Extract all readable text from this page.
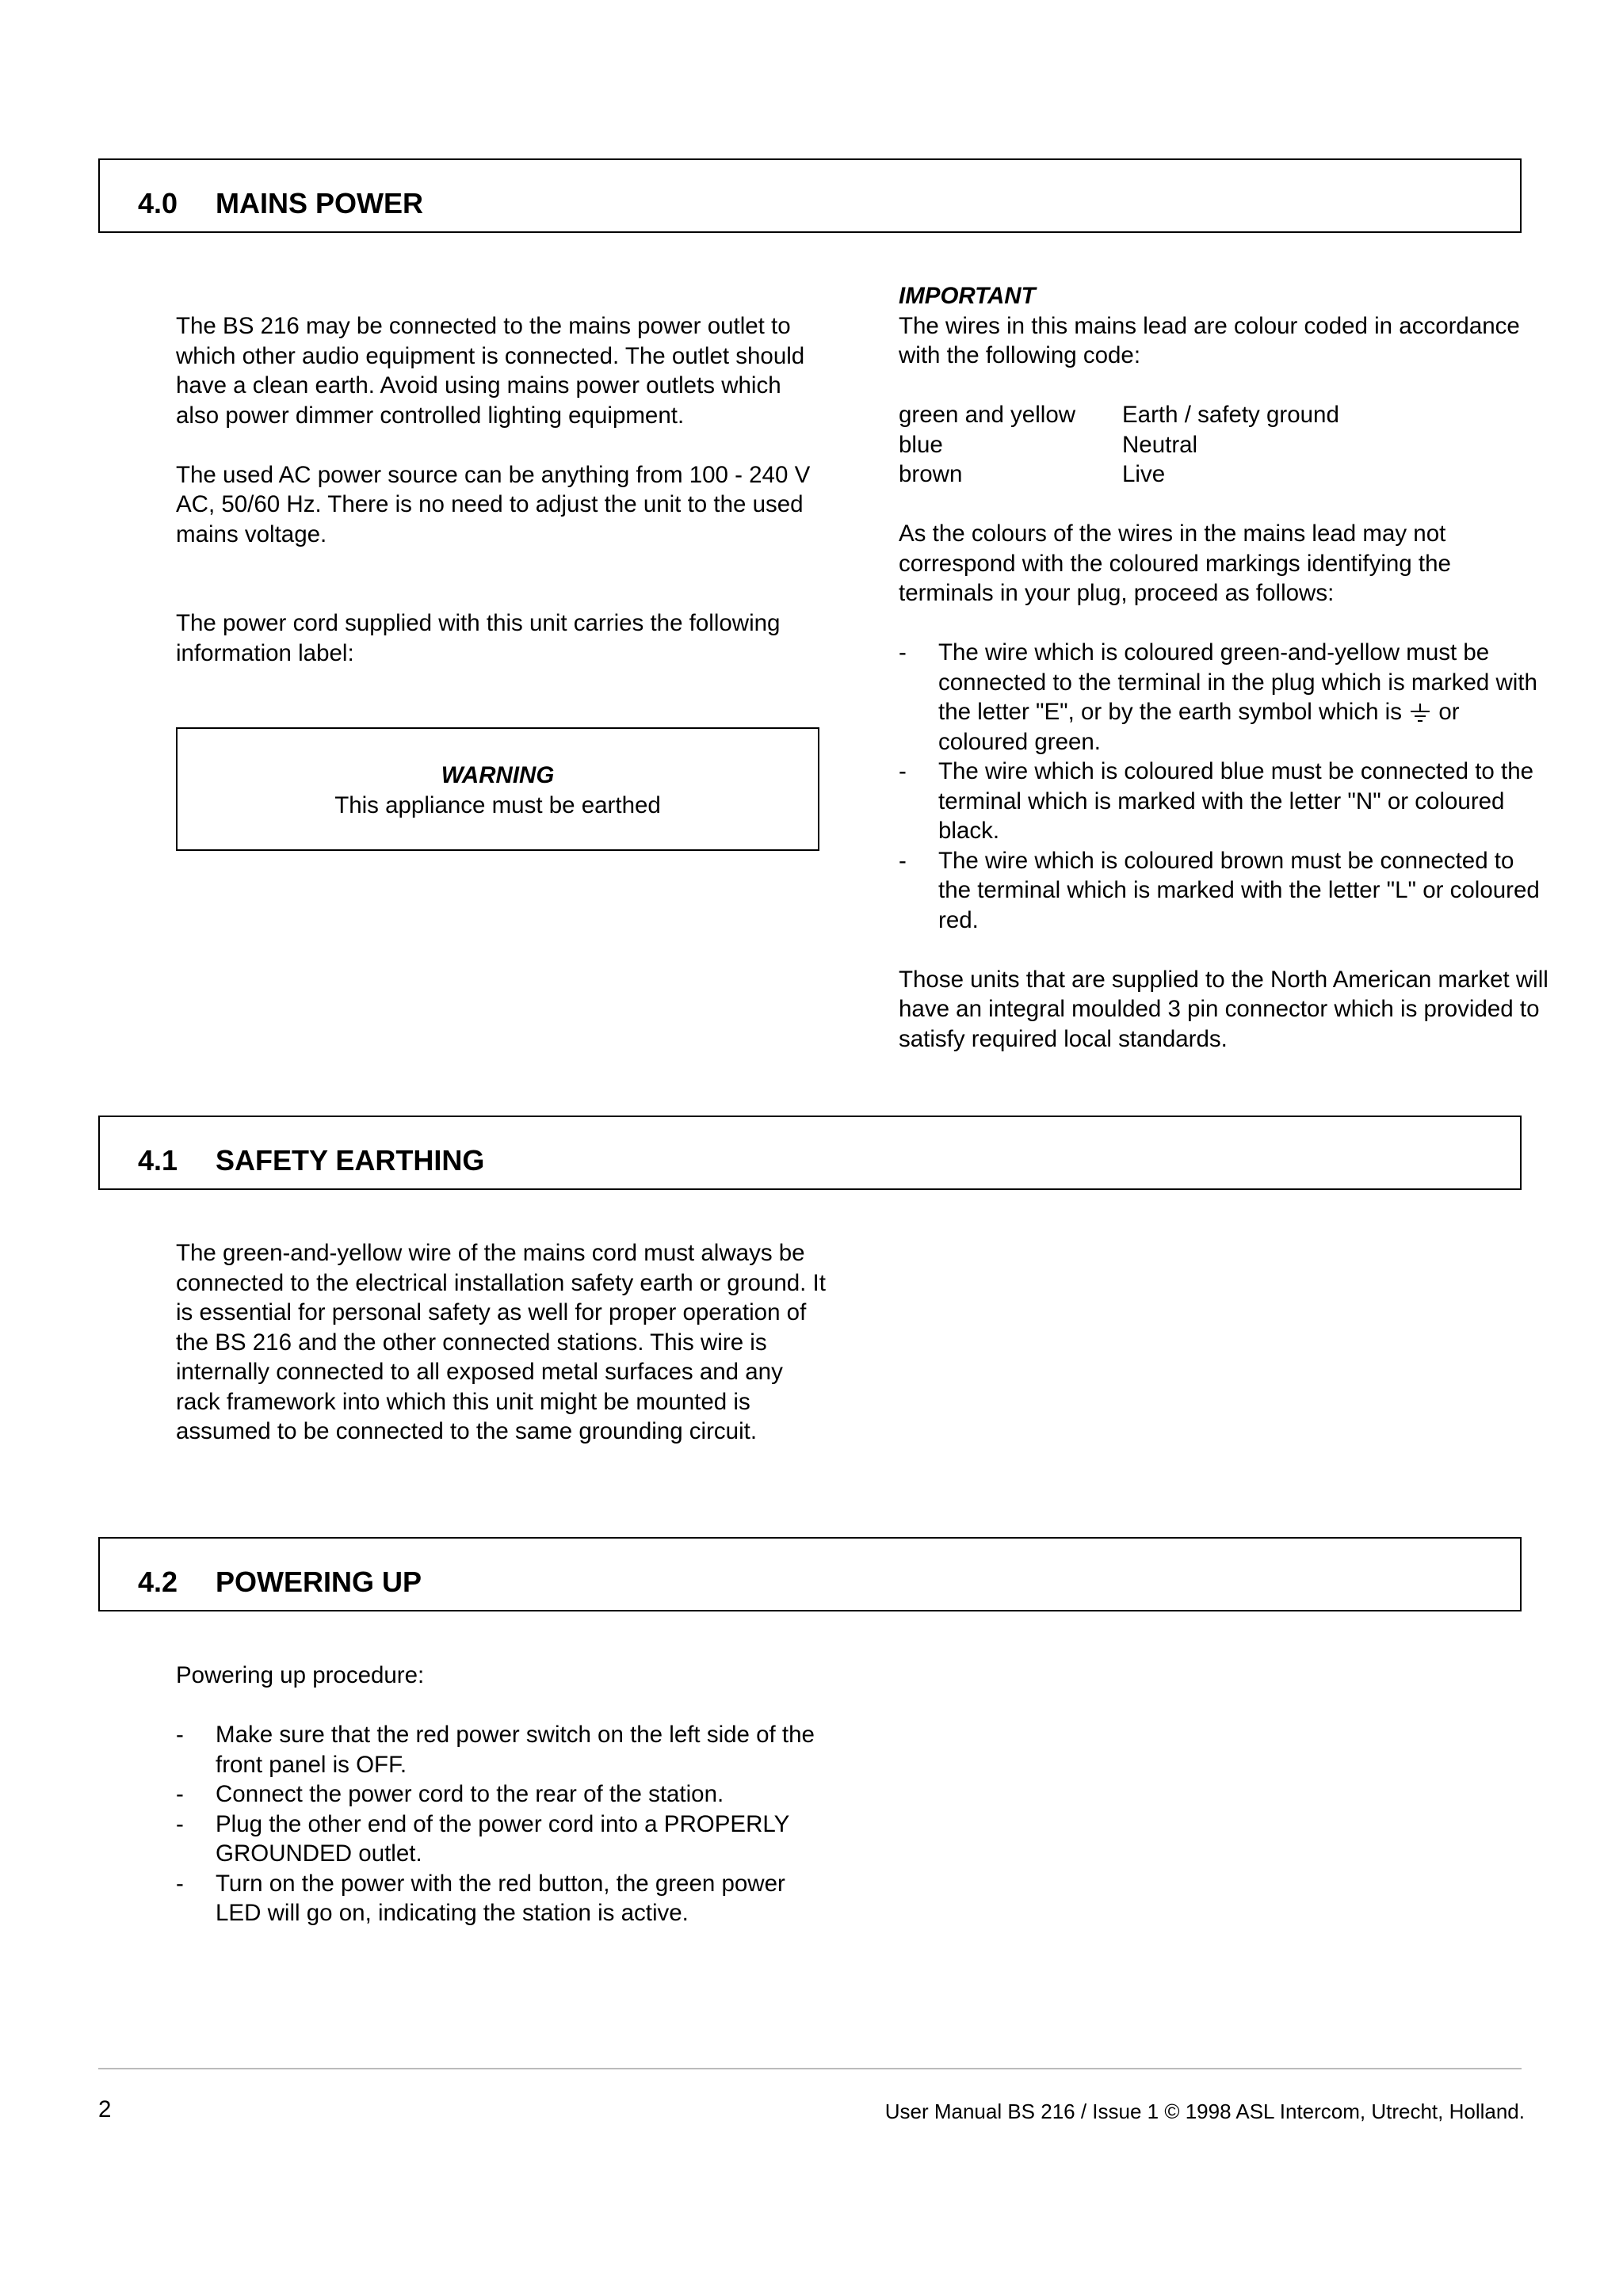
4.0 MAINS POWER

The BS 216 may be connected to the mains power outlet to which other audio equipment is connected. The outlet should have a clean earth. Avoid using mains power outlets which also power dimmer controlled lighting equipment.

The used AC power source can be anything from 100 - 240 V AC, 50/60 Hz. There is no need to adjust the unit to the used mains voltage.

The power cord supplied with this unit carries the following information label:

WARNING
This appliance must be earthed

IMPORTANT

The wires in this mains lead are colour coded in accordance with the following code:

green and yellow	Earth / safety ground
blue	Neutral
brown	Live

As the colours of the wires in the mains lead may not correspond with the coloured markings identifying the terminals in your plug, proceed as follows:

- The wire which is coloured green-and-yellow must be connected to the terminal in the plug which is marked with the letter "E", or by the earth symbol which is or coloured green.
- The wire which is coloured blue must be connected to the terminal which is marked with the letter "N" or coloured black.
- The wire which is coloured brown must be connected to the terminal which is marked with the letter "L" or coloured red.

Those units that are supplied to the North American market will have an integral moulded 3 pin connector which is provided to satisfy required local standards.

4.1 SAFETY EARTHING

The green-and-yellow wire of the mains cord must always be connected to the electrical installation safety earth or ground. It is essential for personal safety as well for proper operation of the BS 216 and the other connected stations. This wire is internally connected to all exposed metal surfaces and any rack framework into which this unit might be mounted is assumed to be connected to the same grounding circuit.

4.2 POWERING UP

Powering up procedure:

- Make sure that the red power switch on the left side of the front panel is OFF.
- Connect the power cord to the rear of the station.
- Plug the other end of the power cord into a PROPERLY GROUNDED outlet.
- Turn on the power with the red button, the green power LED will go on, indicating the station is active.
2	User Manual BS 216 / Issue 1 © 1998 ASL Intercom, Utrecht, Holland.
